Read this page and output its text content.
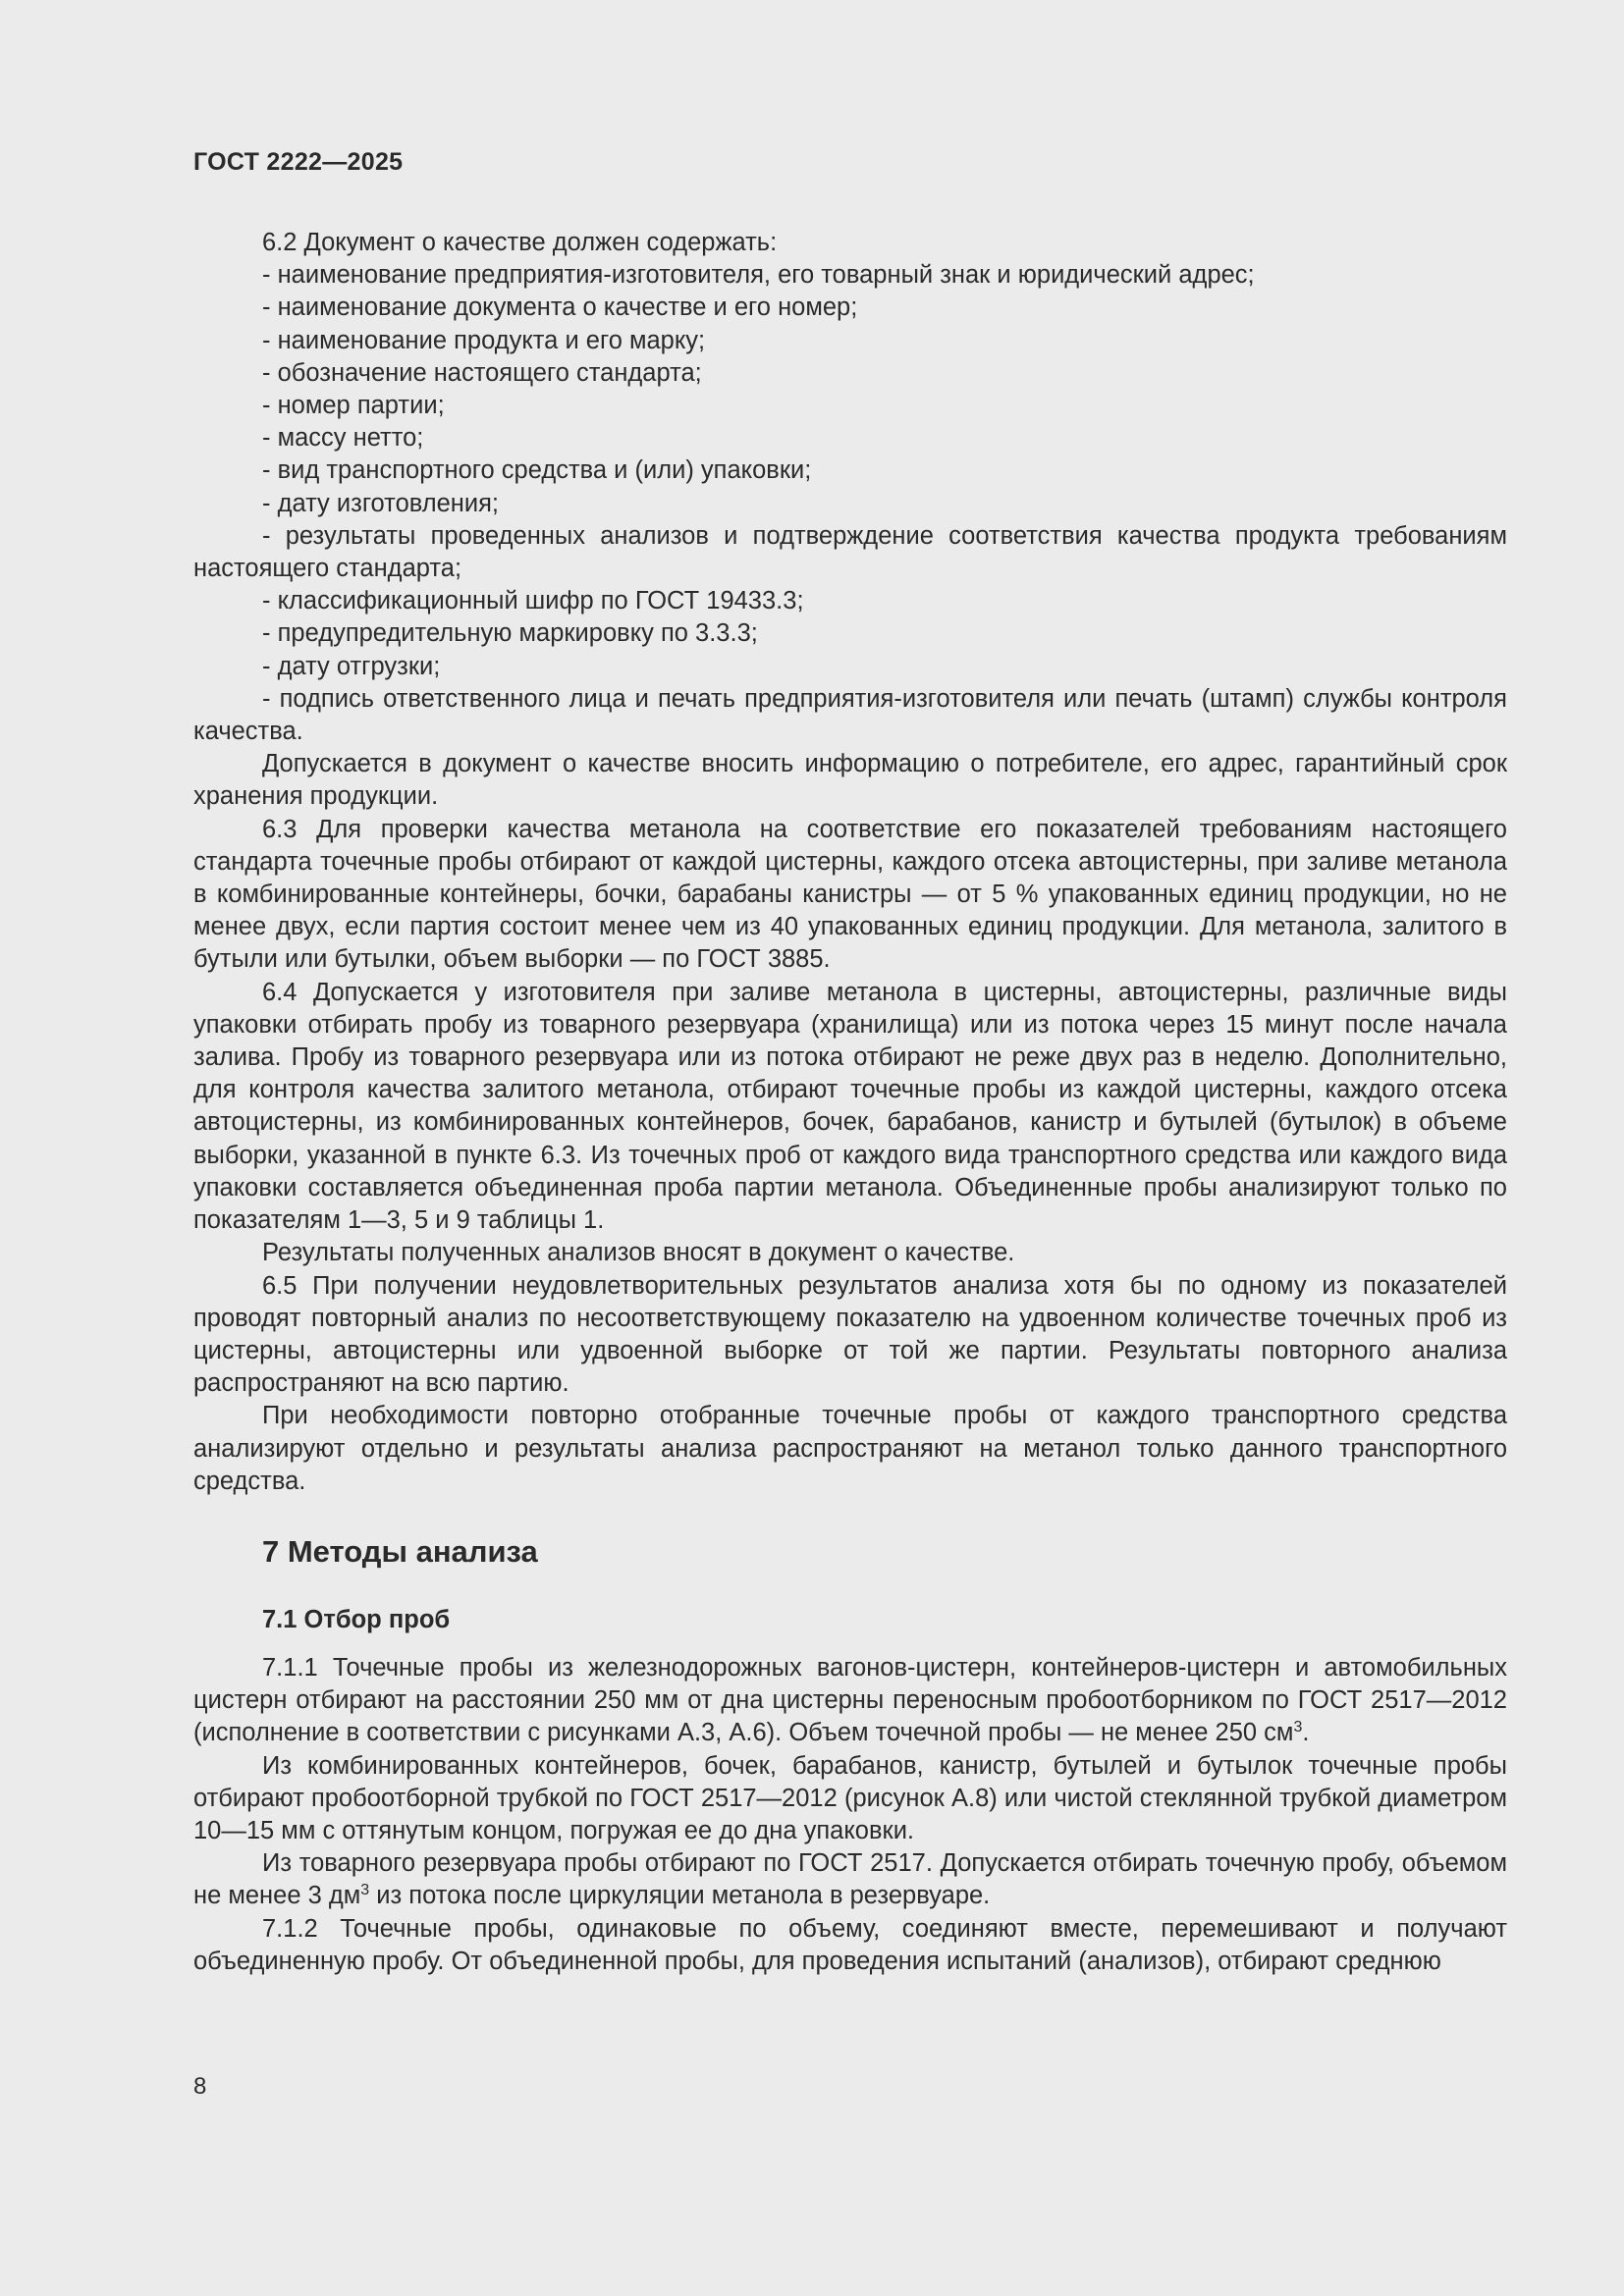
ГОСТ 2222—2025

6.2 Документ о качестве должен содержать:

- наименование предприятия-изготовителя, его товарный знак и юридический адрес;

- наименование документа о качестве и его номер;

- наименование продукта и его марку;

- обозначение настоящего стандарта;

- номер партии;

- массу нетто;

- вид транспортного средства и (или) упаковки;

- дату изготовления;

- результаты проведенных анализов и подтверждение соответствия качества продукта требованиям настоящего стандарта;

- классификационный шифр по ГОСТ 19433.3;

- предупредительную маркировку по 3.3.3;

- дату отгрузки;

- подпись ответственного лица и печать предприятия-изготовителя или печать (штамп) службы контроля качества.

Допускается в документ о качестве вносить информацию о потребителе, его адрес, гарантийный срок хранения продукции.

6.3 Для проверки качества метанола на соответствие его показателей требованиям настоящего стандарта точечные пробы отбирают от каждой цистерны, каждого отсека автоцистерны, при заливе метанола в комбинированные контейнеры, бочки, барабаны канистры — от 5 % упакованных единиц продукции, но не менее двух, если партия состоит менее чем из 40 упакованных единиц продукции. Для метанола, залитого в бутыли или бутылки, объем выборки — по ГОСТ 3885.

6.4 Допускается у изготовителя при заливе метанола в цистерны, автоцистерны, различные виды упаковки отбирать пробу из товарного резервуара (хранилища) или из потока через 15 минут после начала залива. Пробу из товарного резервуара или из потока отбирают не реже двух раз в неделю. Дополнительно, для контроля качества залитого метанола, отбирают точечные пробы из каждой цистерны, каждого отсека автоцистерны, из комбинированных контейнеров, бочек, барабанов, канистр и бутылей (бутылок) в объеме выборки, указанной в пункте 6.3. Из точечных проб от каждого вида транспортного средства или каждого вида упаковки составляется объединенная проба партии метанола. Объединенные пробы анализируют только по показателям 1—3, 5 и 9 таблицы 1.

Результаты полученных анализов вносят в документ о качестве.

6.5 При получении неудовлетворительных результатов анализа хотя бы по одному из показателей проводят повторный анализ по несоответствующему показателю на удвоенном количестве точечных проб из цистерны, автоцистерны или удвоенной выборке от той же партии. Результаты повторного анализа распространяют на всю партию.

При необходимости повторно отобранные точечные пробы от каждого транспортного средства анализируют отдельно и результаты анализа распространяют на метанол только данного транспортного средства.

7 Методы анализа
7.1 Отбор проб

7.1.1 Точечные пробы из железнодорожных вагонов-цистерн, контейнеров-цистерн и автомобильных цистерн отбирают на расстоянии 250 мм от дна цистерны переносным пробоотборником по ГОСТ 2517—2012 (исполнение в соответствии с рисунками А.3, А.6). Объем точечной пробы — не менее 250 $см^3$.

Из комбинированных контейнеров, бочек, барабанов, канистр, бутылей и бутылок точечные пробы отбирают пробоотборной трубкой по ГОСТ 2517—2012 (рисунок А.8) или чистой стеклянной трубкой диаметром 10—15 мм с оттянутым концом, погружая ее до дна упаковки.

Из товарного резервуара пробы отбирают по ГОСТ 2517. Допускается отбирать точечную пробу, объемом не менее 3 $дм^3$ из потока после циркуляции метанола в резервуаре.

7.1.2 Точечные пробы, одинаковые по объему, соединяют вместе, перемешивают и получают объединенную пробу. От объединенной пробы, для проведения испытаний (анализов), отбирают среднюю

8
